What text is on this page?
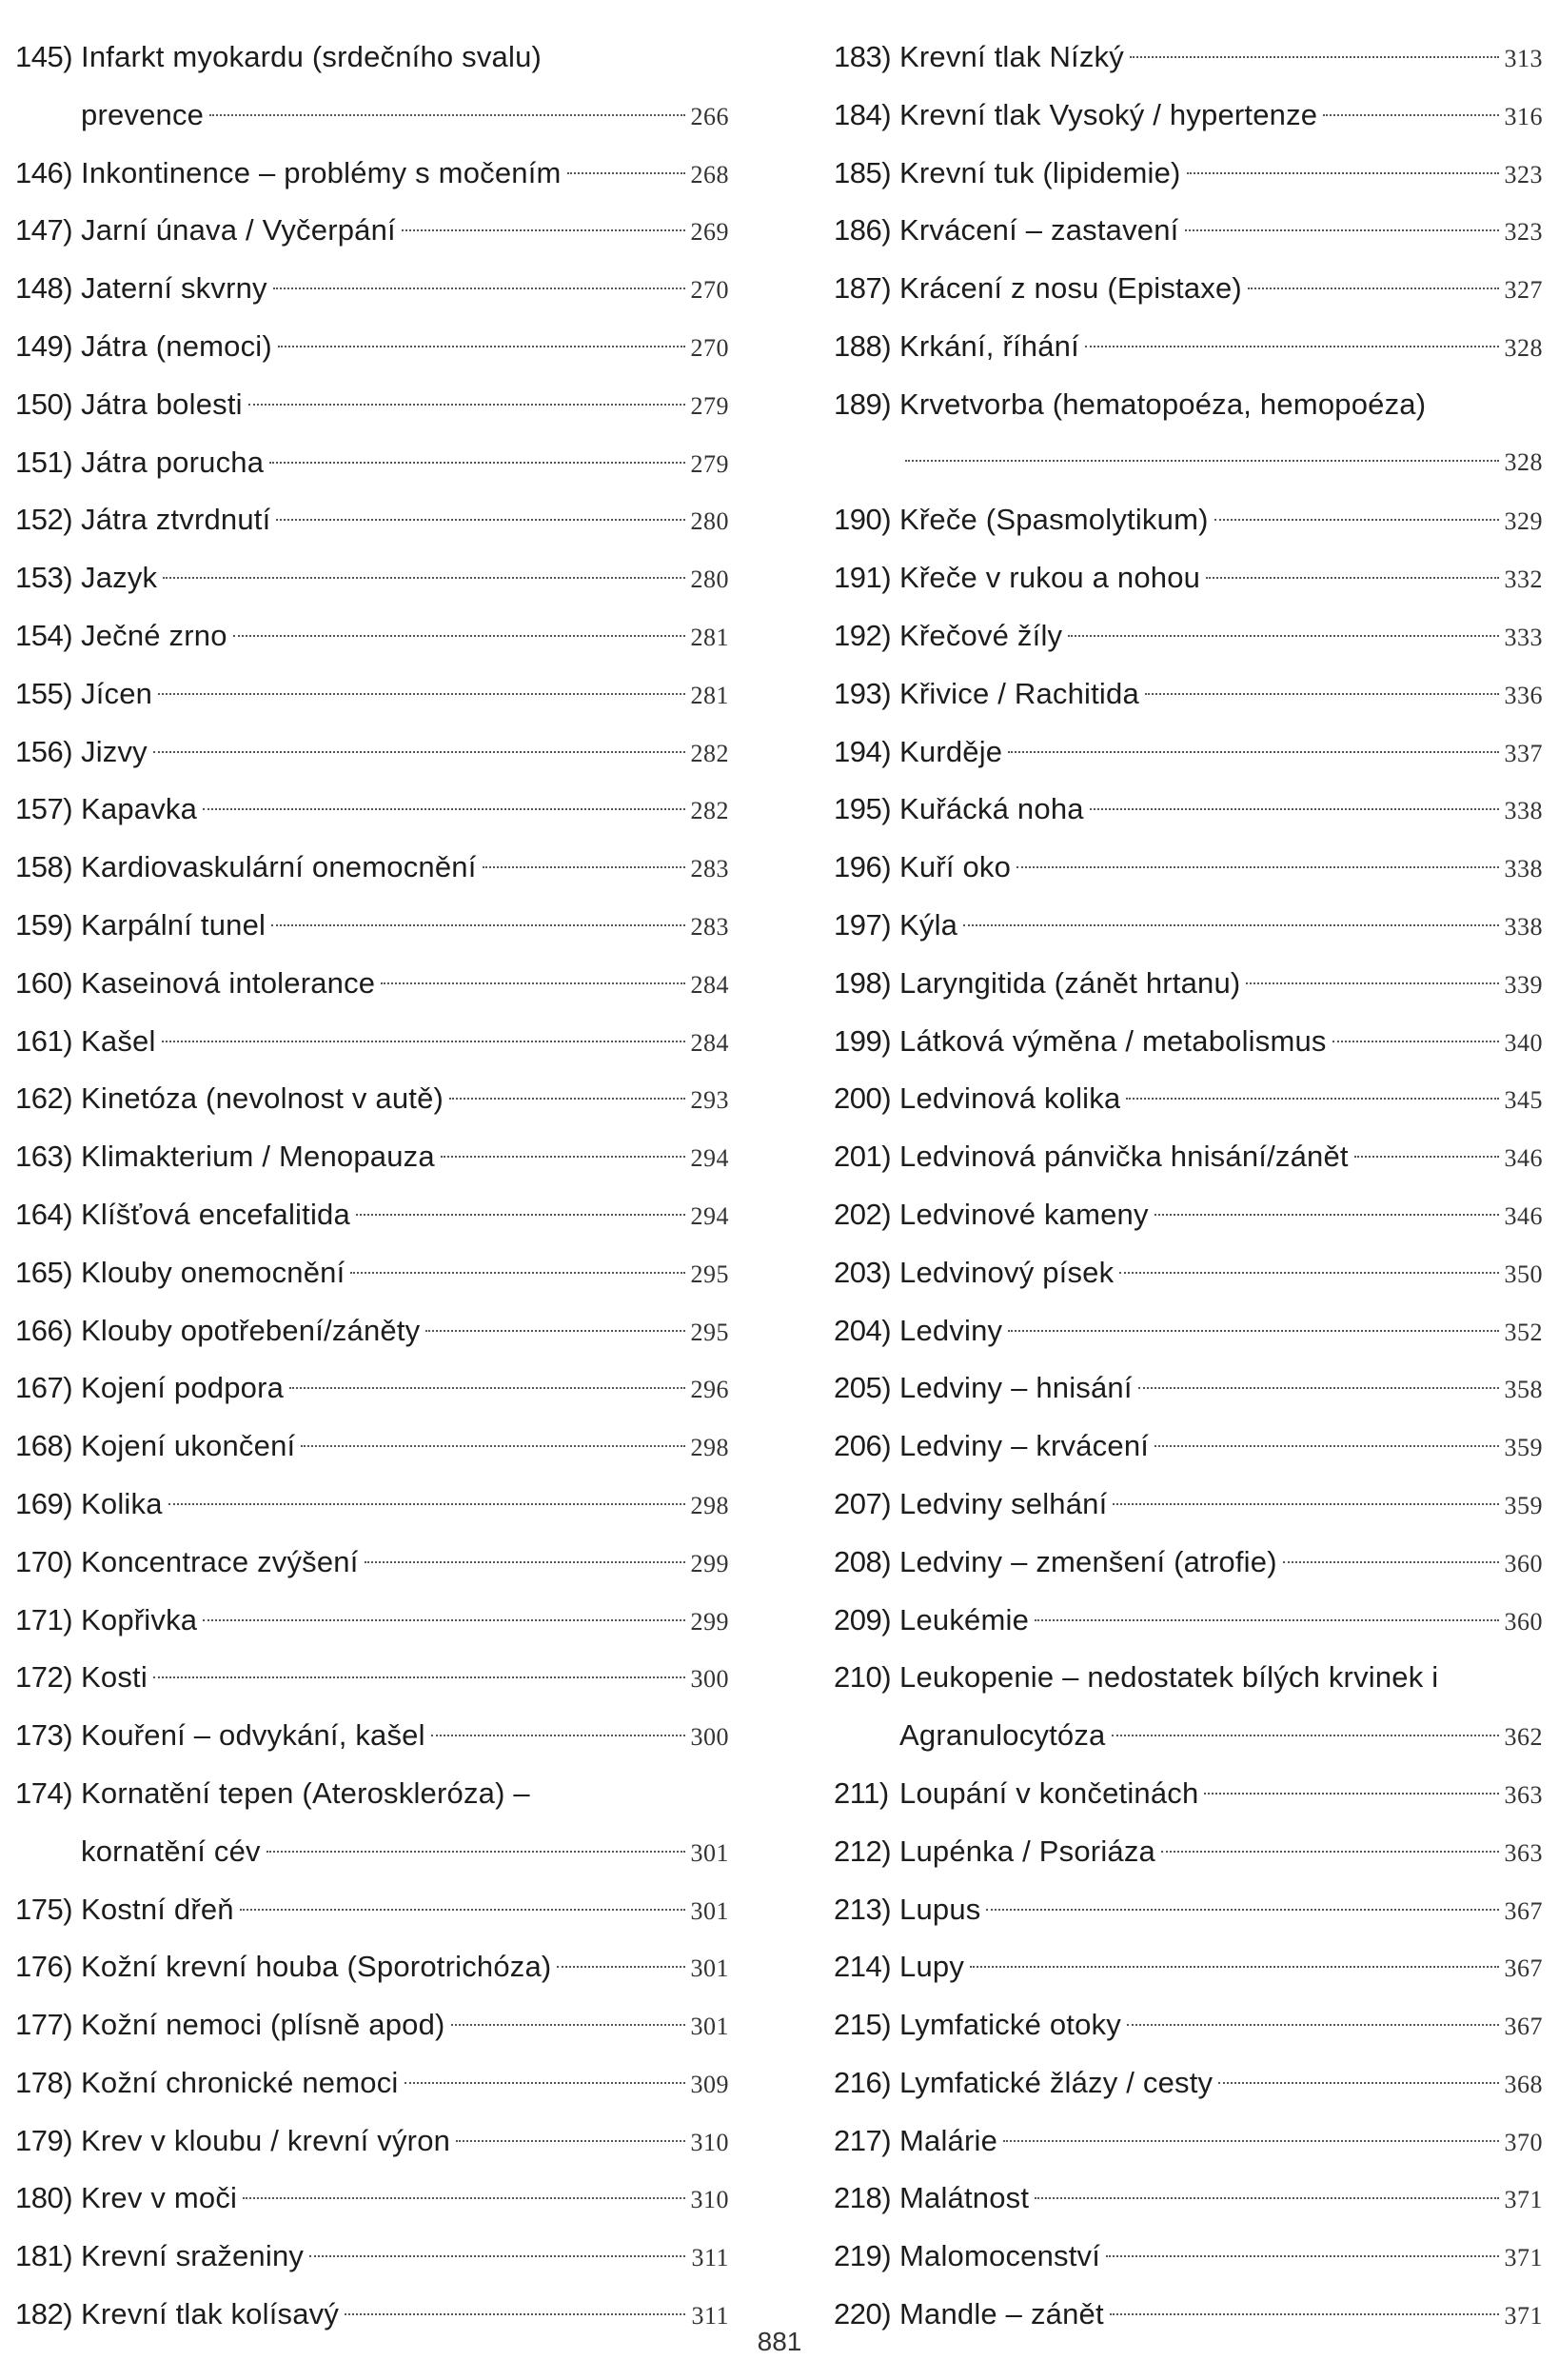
145) Infarkt myokardu (srdečního svalu)
prevence	266
146) Inkontinence – problémy s močením	268
147) Jarní únava / Vyčerpání	269
148) Jaterní skvrny	270
149) Játra (nemoci)	270
150) Játra bolesti	279
151) Játra porucha	279
152) Játra ztvrdnutí	280
153) Jazyk	280
154) Ječné zrno	281
155) Jícen	281
156) Jizvy	282
157) Kapavka	282
158) Kardiovaskulární onemocnění	283
159) Karpální tunel	283
160) Kaseinová intolerance	284
161) Kašel	284
162) Kinetóza (nevolnost v autě)	293
163) Klimakterium / Menopauza	294
164) Klíšťová encefalitida	294
165) Klouby onemocnění	295
166) Klouby opotřebení/záněty	295
167) Kojení podpora	296
168) Kojení ukončení	298
169) Kolika	298
170) Koncentrace zvýšení	299
171) Kopřivka	299
172) Kosti	300
173) Kouření – odvykání, kašel	300
174) Kornatění tepen (Ateroskleróza) –
kornatění cév	301
175) Kostní dřeň	301
176) Kožní krevní houba (Sporotrichóza)	301
177) Kožní nemoci (plísně apod)	301
178) Kožní chronické nemoci	309
179) Krev v kloubu / krevní výron	310
180) Krev v moči	310
181) Krevní sraženiny	311
182) Krevní tlak kolísavý	311
183) Krevní tlak Nízký	313
184) Krevní tlak Vysoký / hypertenze	316
185) Krevní tuk (lipidemie)	323
186) Krvácení – zastavení	323
187) Krácení z nosu (Epistaxe)	327
188) Krkání, říhání	328
189) Krvetvorba (hematopoéza, hemopoéza)
328
190) Křeče (Spasmolytikum)	329
191) Křeče v rukou a nohou	332
192) Křečové žíly	333
193) Křivice / Rachitida	336
194) Kurděje	337
195) Kuřácká noha	338
196) Kuří oko	338
197) Kýla	338
198) Laryngitida (zánět hrtanu)	339
199) Látková výměna / metabolismus	340
200) Ledvinová kolika	345
201) Ledvinová pánvička hnisání/zánět	346
202) Ledvinové kameny	346
203) Ledvinový písek	350
204) Ledviny	352
205) Ledviny – hnisání	358
206) Ledviny – krvácení	359
207) Ledviny selhání	359
208) Ledviny – zmenšení (atrofie)	360
209) Leukémie	360
210) Leukopenie – nedostatek bílých krvinek i
Agranulocytóza	362
211) Loupání v končetinách	363
212) Lupénka / Psoriáza	363
213) Lupus	367
214) Lupy	367
215) Lymfatické otoky	367
216) Lymfatické žlázy / cesty	368
217) Malárie	370
218) Malátnost	371
219) Malomocenství	371
220) Mandle – zánět	371
881
